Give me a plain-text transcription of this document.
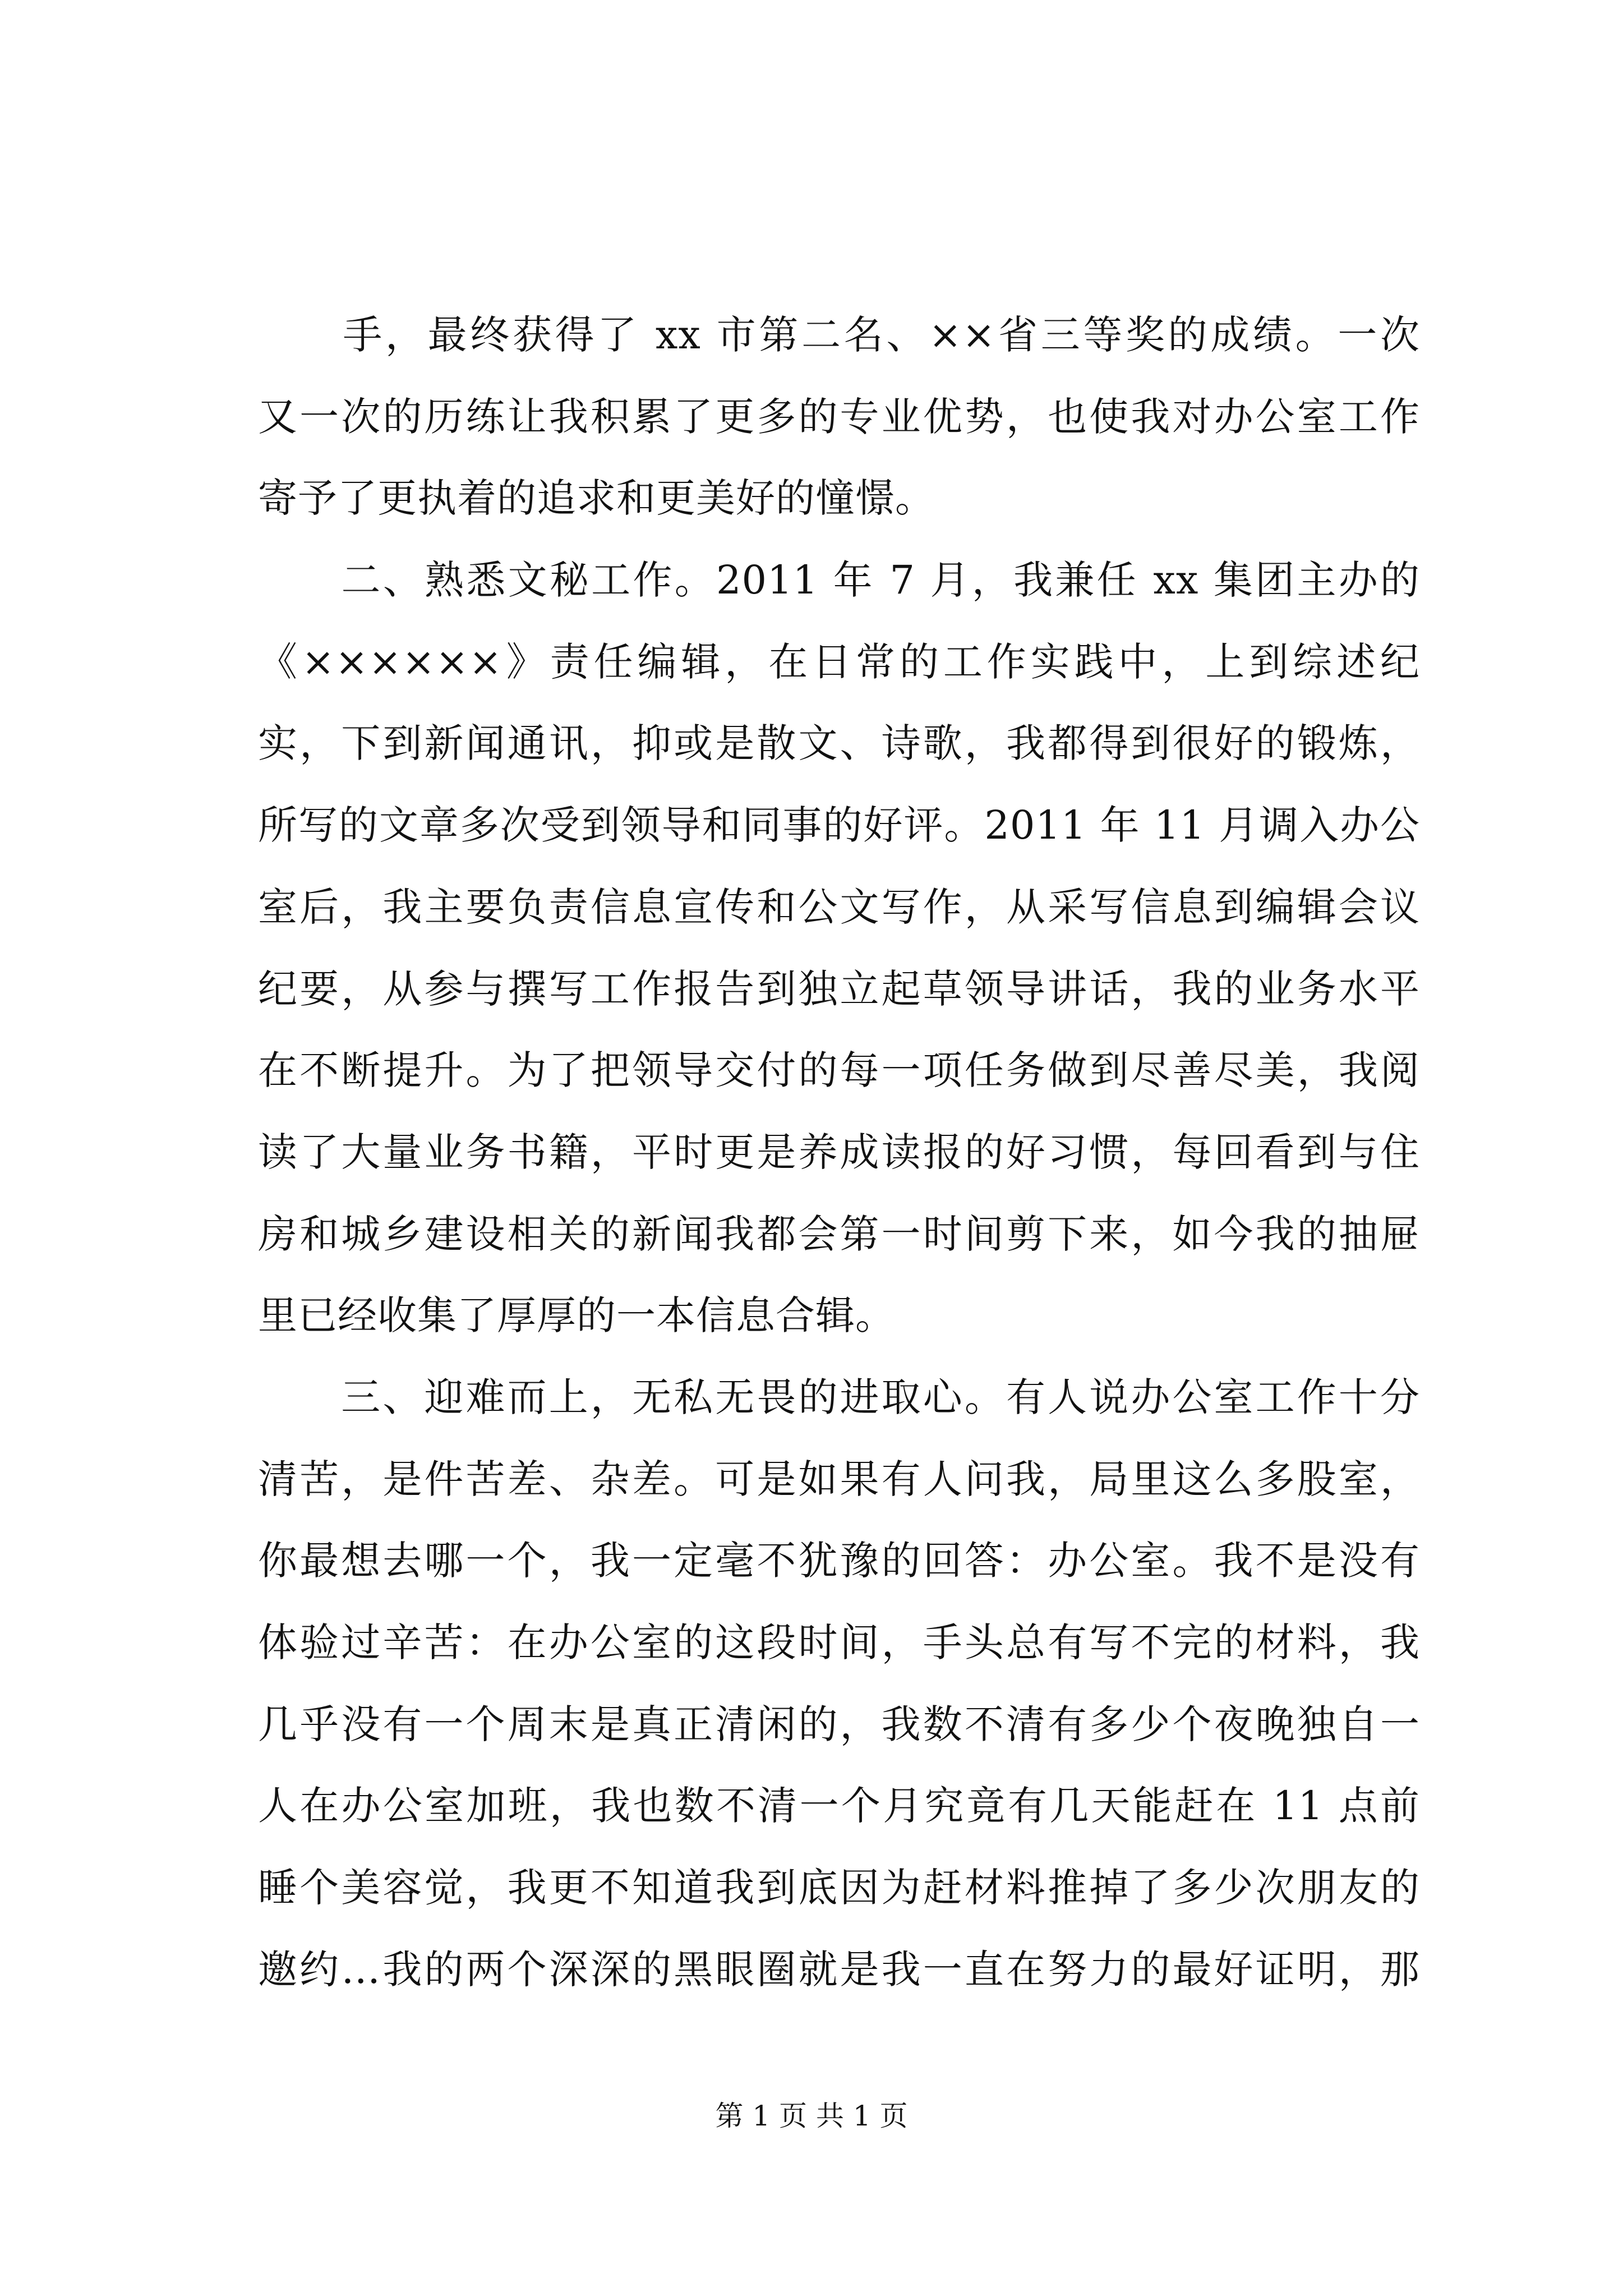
　　手，最终获得了 xx 市第二名、××省三等奖的成绩。一次
又一次的历练让我积累了更多的专业优势，也使我对办公室工作
寄予了更执着的追求和更美好的憧憬。
　　二、熟悉文秘工作。2011 年 7 月，我兼任 xx 集团主办的
《××××××》责任编辑，在日常的工作实践中，上到综述纪
实，下到新闻通讯，抑或是散文、诗歌，我都得到很好的锻炼，
所写的文章多次受到领导和同事的好评。2011 年 11 月调入办公
室后，我主要负责信息宣传和公文写作，从采写信息到编辑会议
纪要，从参与撰写工作报告到独立起草领导讲话，我的业务水平
在不断提升。为了把领导交付的每一项任务做到尽善尽美，我阅
读了大量业务书籍，平时更是养成读报的好习惯，每回看到与住
房和城乡建设相关的新闻我都会第一时间剪下来，如今我的抽屉
里已经收集了厚厚的一本信息合辑。
　　三、迎难而上，无私无畏的进取心。有人说办公室工作十分
清苦，是件苦差、杂差。可是如果有人问我，局里这么多股室，
你最想去哪一个，我一定毫不犹豫的回答：办公室。我不是没有
体验过辛苦：在办公室的这段时间，手头总有写不完的材料，我
几乎没有一个周末是真正清闲的，我数不清有多少个夜晚独自一
人在办公室加班，我也数不清一个月究竟有几天能赶在 11 点前
睡个美容觉，我更不知道我到底因为赶材料推掉了多少次朋友的
邀约…我的两个深深的黑眼圈就是我一直在努力的最好证明，那
第 1 页 共 1 页
